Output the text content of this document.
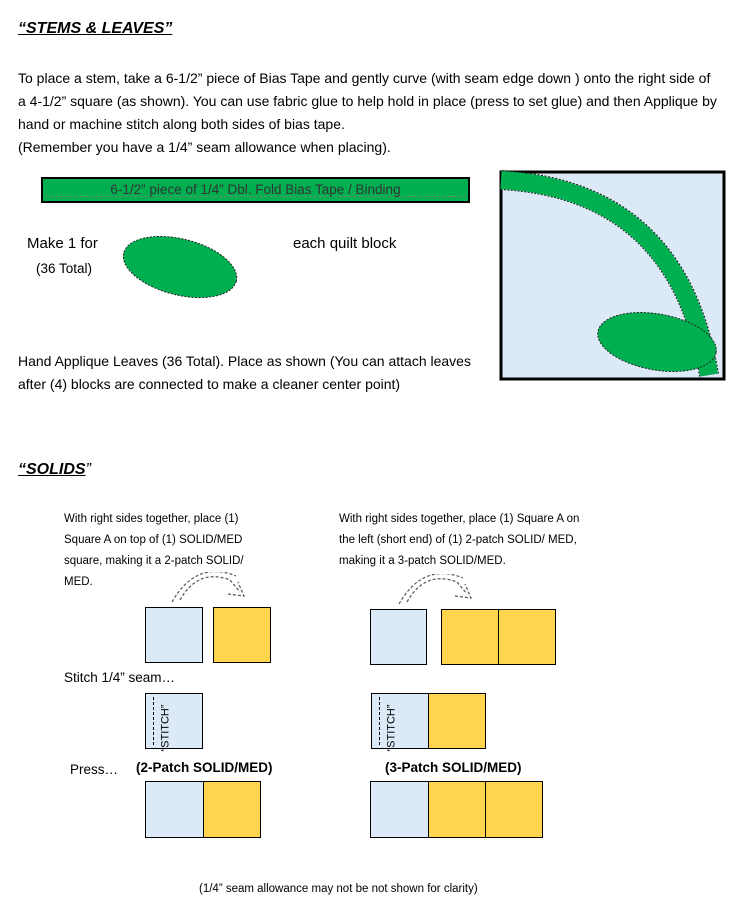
“STEMS & LEAVES”
To place a stem, take a 6-1/2” piece of Bias Tape and gently curve (with seam edge down ) onto the right side of a 4-1/2” square (as shown). You can use fabric glue to help hold in place (press to set glue) and then Applique by hand or machine stitch along both sides of bias tape.
(Remember you have a 1/4” seam allowance when placing).
6-1/2” piece of 1/4” Dbl. Fold Bias Tape / Binding
Make 1 for	each quilt block
(36 Total)
Hand Applique Leaves (36 Total). Place as shown (You can attach leaves after (4) blocks are connected to make a cleaner center point)
“SOLIDS”
With right sides together, place (1) Square A on top of (1) SOLID/MED square, making it a 2-patch SOLID/ MED.
With right sides together, place (1) Square A on the left (short end) of (1) 2-patch SOLID/ MED, making it a 3-patch SOLID/MED.
Stitch 1/4” seam…
“STITCH”	“STITCH”
Press… (2-Patch SOLID/MED)	(3-Patch SOLID/MED)
(1/4” seam allowance may not be not shown for clarity)
